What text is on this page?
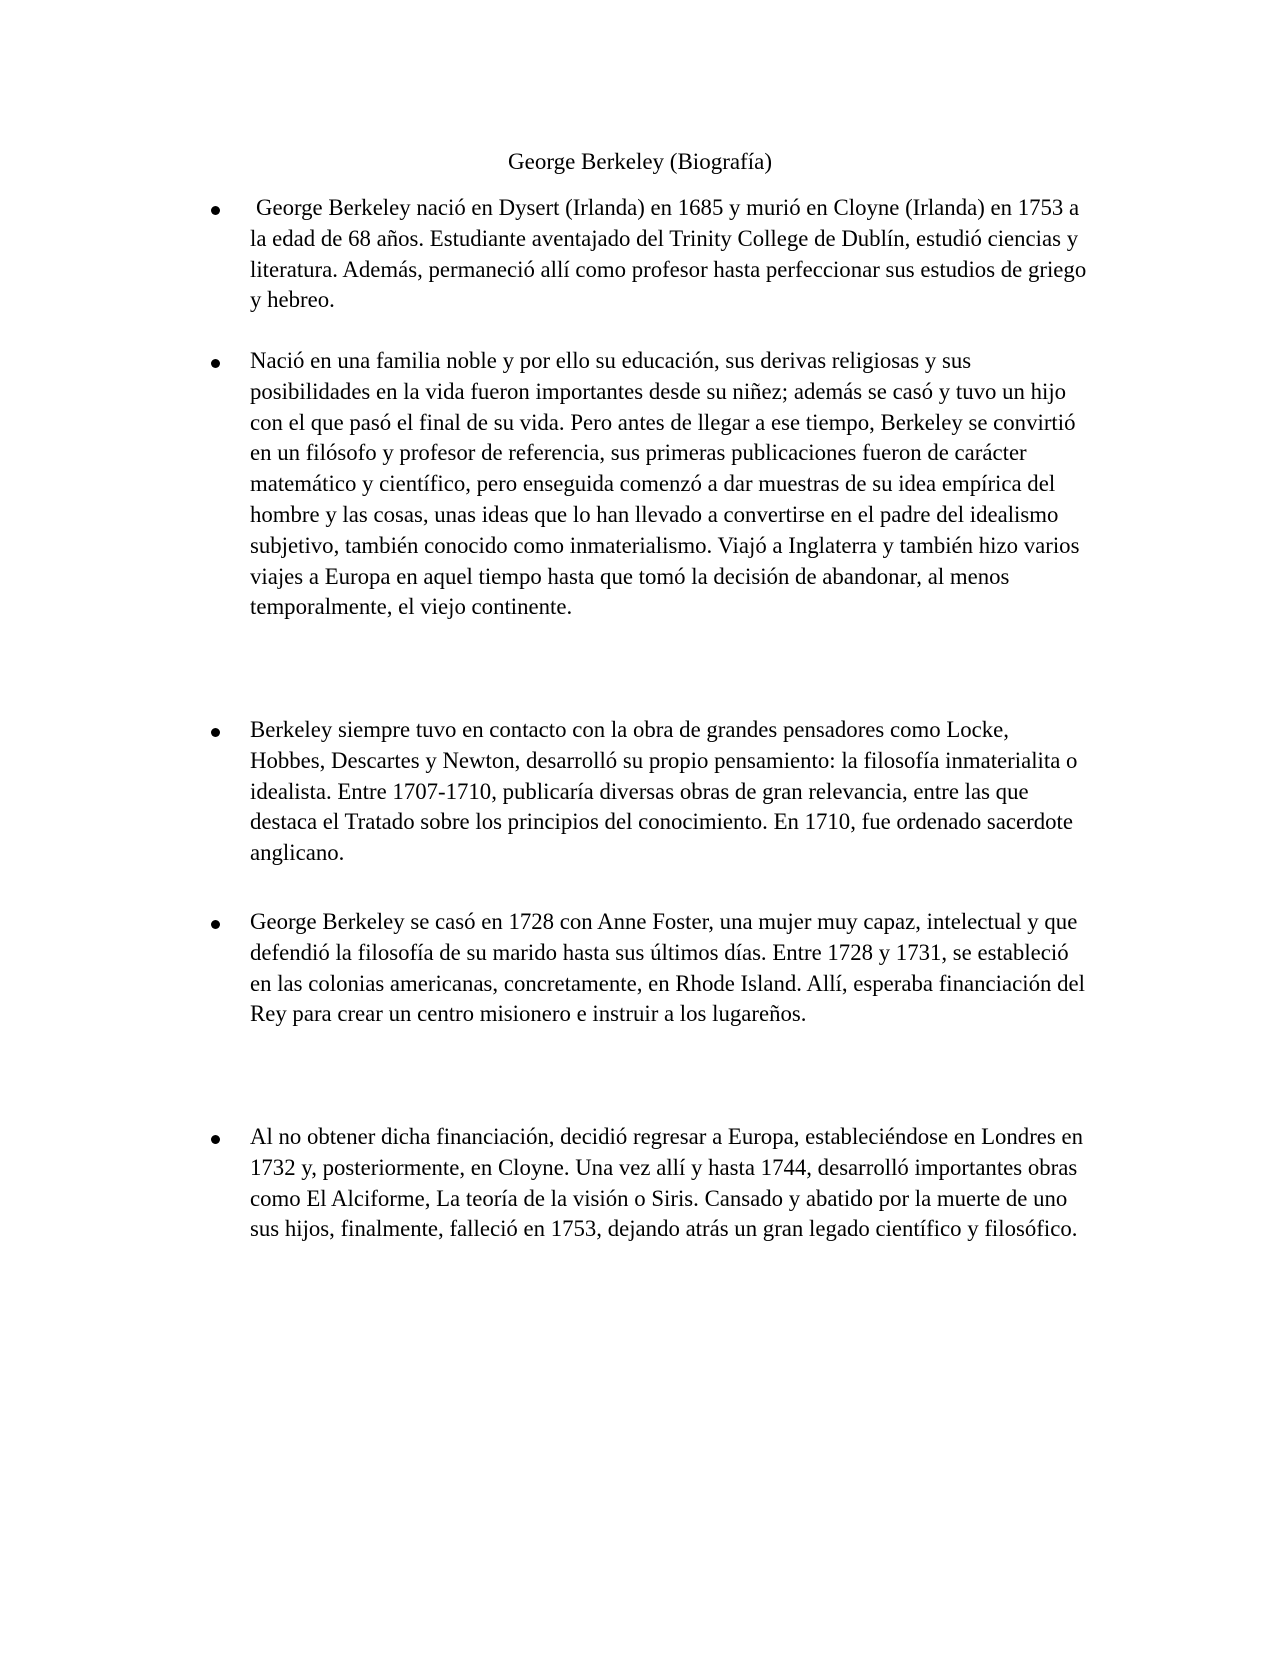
George Berkeley (Biografía)

George Berkeley nació en Dysert (Irlanda) en 1685 y murió en Cloyne (Irlanda) en 1753 a la edad de 68 años. Estudiante aventajado del Trinity College de Dublín, estudió ciencias y literatura. Además, permaneció allí como profesor hasta perfeccionar sus estudios de griego y hebreo.

Nació en una familia noble y por ello su educación, sus derivas religiosas y sus posibilidades en la vida fueron importantes desde su niñez; además se casó y tuvo un hijo con el que pasó el final de su vida. Pero antes de llegar a ese tiempo, Berkeley se convirtió en un filósofo y profesor de referencia, sus primeras publicaciones fueron de carácter matemático y científico, pero enseguida comenzó a dar muestras de su idea empírica del hombre y las cosas, unas ideas que lo han llevado a convertirse en el padre del idealismo subjetivo, también conocido como inmaterialismo. Viajó a Inglaterra y también hizo varios viajes a Europa en aquel tiempo hasta que tomó la decisión de abandonar, al menos temporalmente, el viejo continente.

Berkeley siempre tuvo en contacto con la obra de grandes pensadores como Locke, Hobbes, Descartes y Newton, desarrolló su propio pensamiento: la filosofía inmaterialita o idealista. Entre 1707-1710, publicaría diversas obras de gran relevancia, entre las que destaca el Tratado sobre los principios del conocimiento. En 1710, fue ordenado sacerdote anglicano.

George Berkeley se casó en 1728 con Anne Foster, una mujer muy capaz, intelectual y que defendió la filosofía de su marido hasta sus últimos días. Entre 1728 y 1731, se estableció en las colonias americanas, concretamente, en Rhode Island. Allí, esperaba financiación del Rey para crear un centro misionero e instruir a los lugareños.

Al no obtener dicha financiación, decidió regresar a Europa, estableciéndose en Londres en 1732 y, posteriormente, en Cloyne. Una vez allí y hasta 1744, desarrolló importantes obras como El Alciforme, La teoría de la visión o Siris. Cansado y abatido por la muerte de uno sus hijos, finalmente, falleció en 1753, dejando atrás un gran legado científico y filosófico.
